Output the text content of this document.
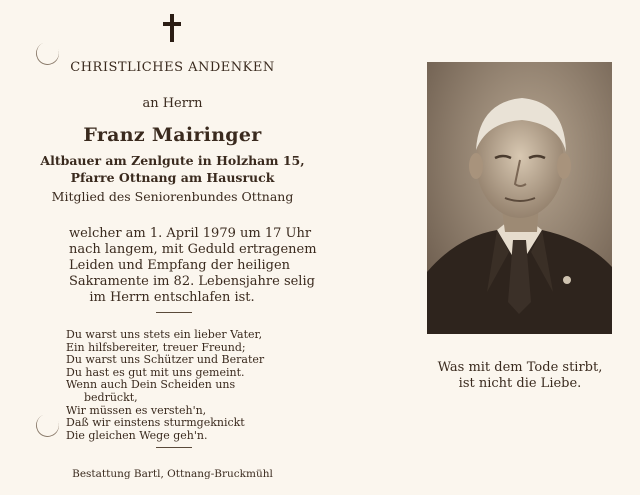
CHRISTLICHES ANDENKEN
an Herrn
Franz Mairinger
Altbauer am Zenlgute in Holzham 15,
Pfarre Ottnang am Hausruck
Mitglied des Seniorenbundes Ottnang
welcher am 1. April 1979 um 17 Uhr
nach langem, mit Geduld ertragenem
Leiden und Empfang der heiligen
Sakramente im 82. Lebensjahre selig
im Herrn entschlafen ist.
Du warst uns stets ein lieber Vater,
Ein hilfsbereiter, treuer Freund;
Du warst uns Schützer und Berater
Du hast es gut mit uns gemeint.
Wenn auch Dein Scheiden uns
bedrückt,
Wir müssen es versteh'n,
Daß wir einstens sturmgeknickt
Die gleichen Wege geh'n.
Bestattung Bartl, Ottnang-Bruckmühl
Was mit dem Tode stirbt,
ist nicht die Liebe.
